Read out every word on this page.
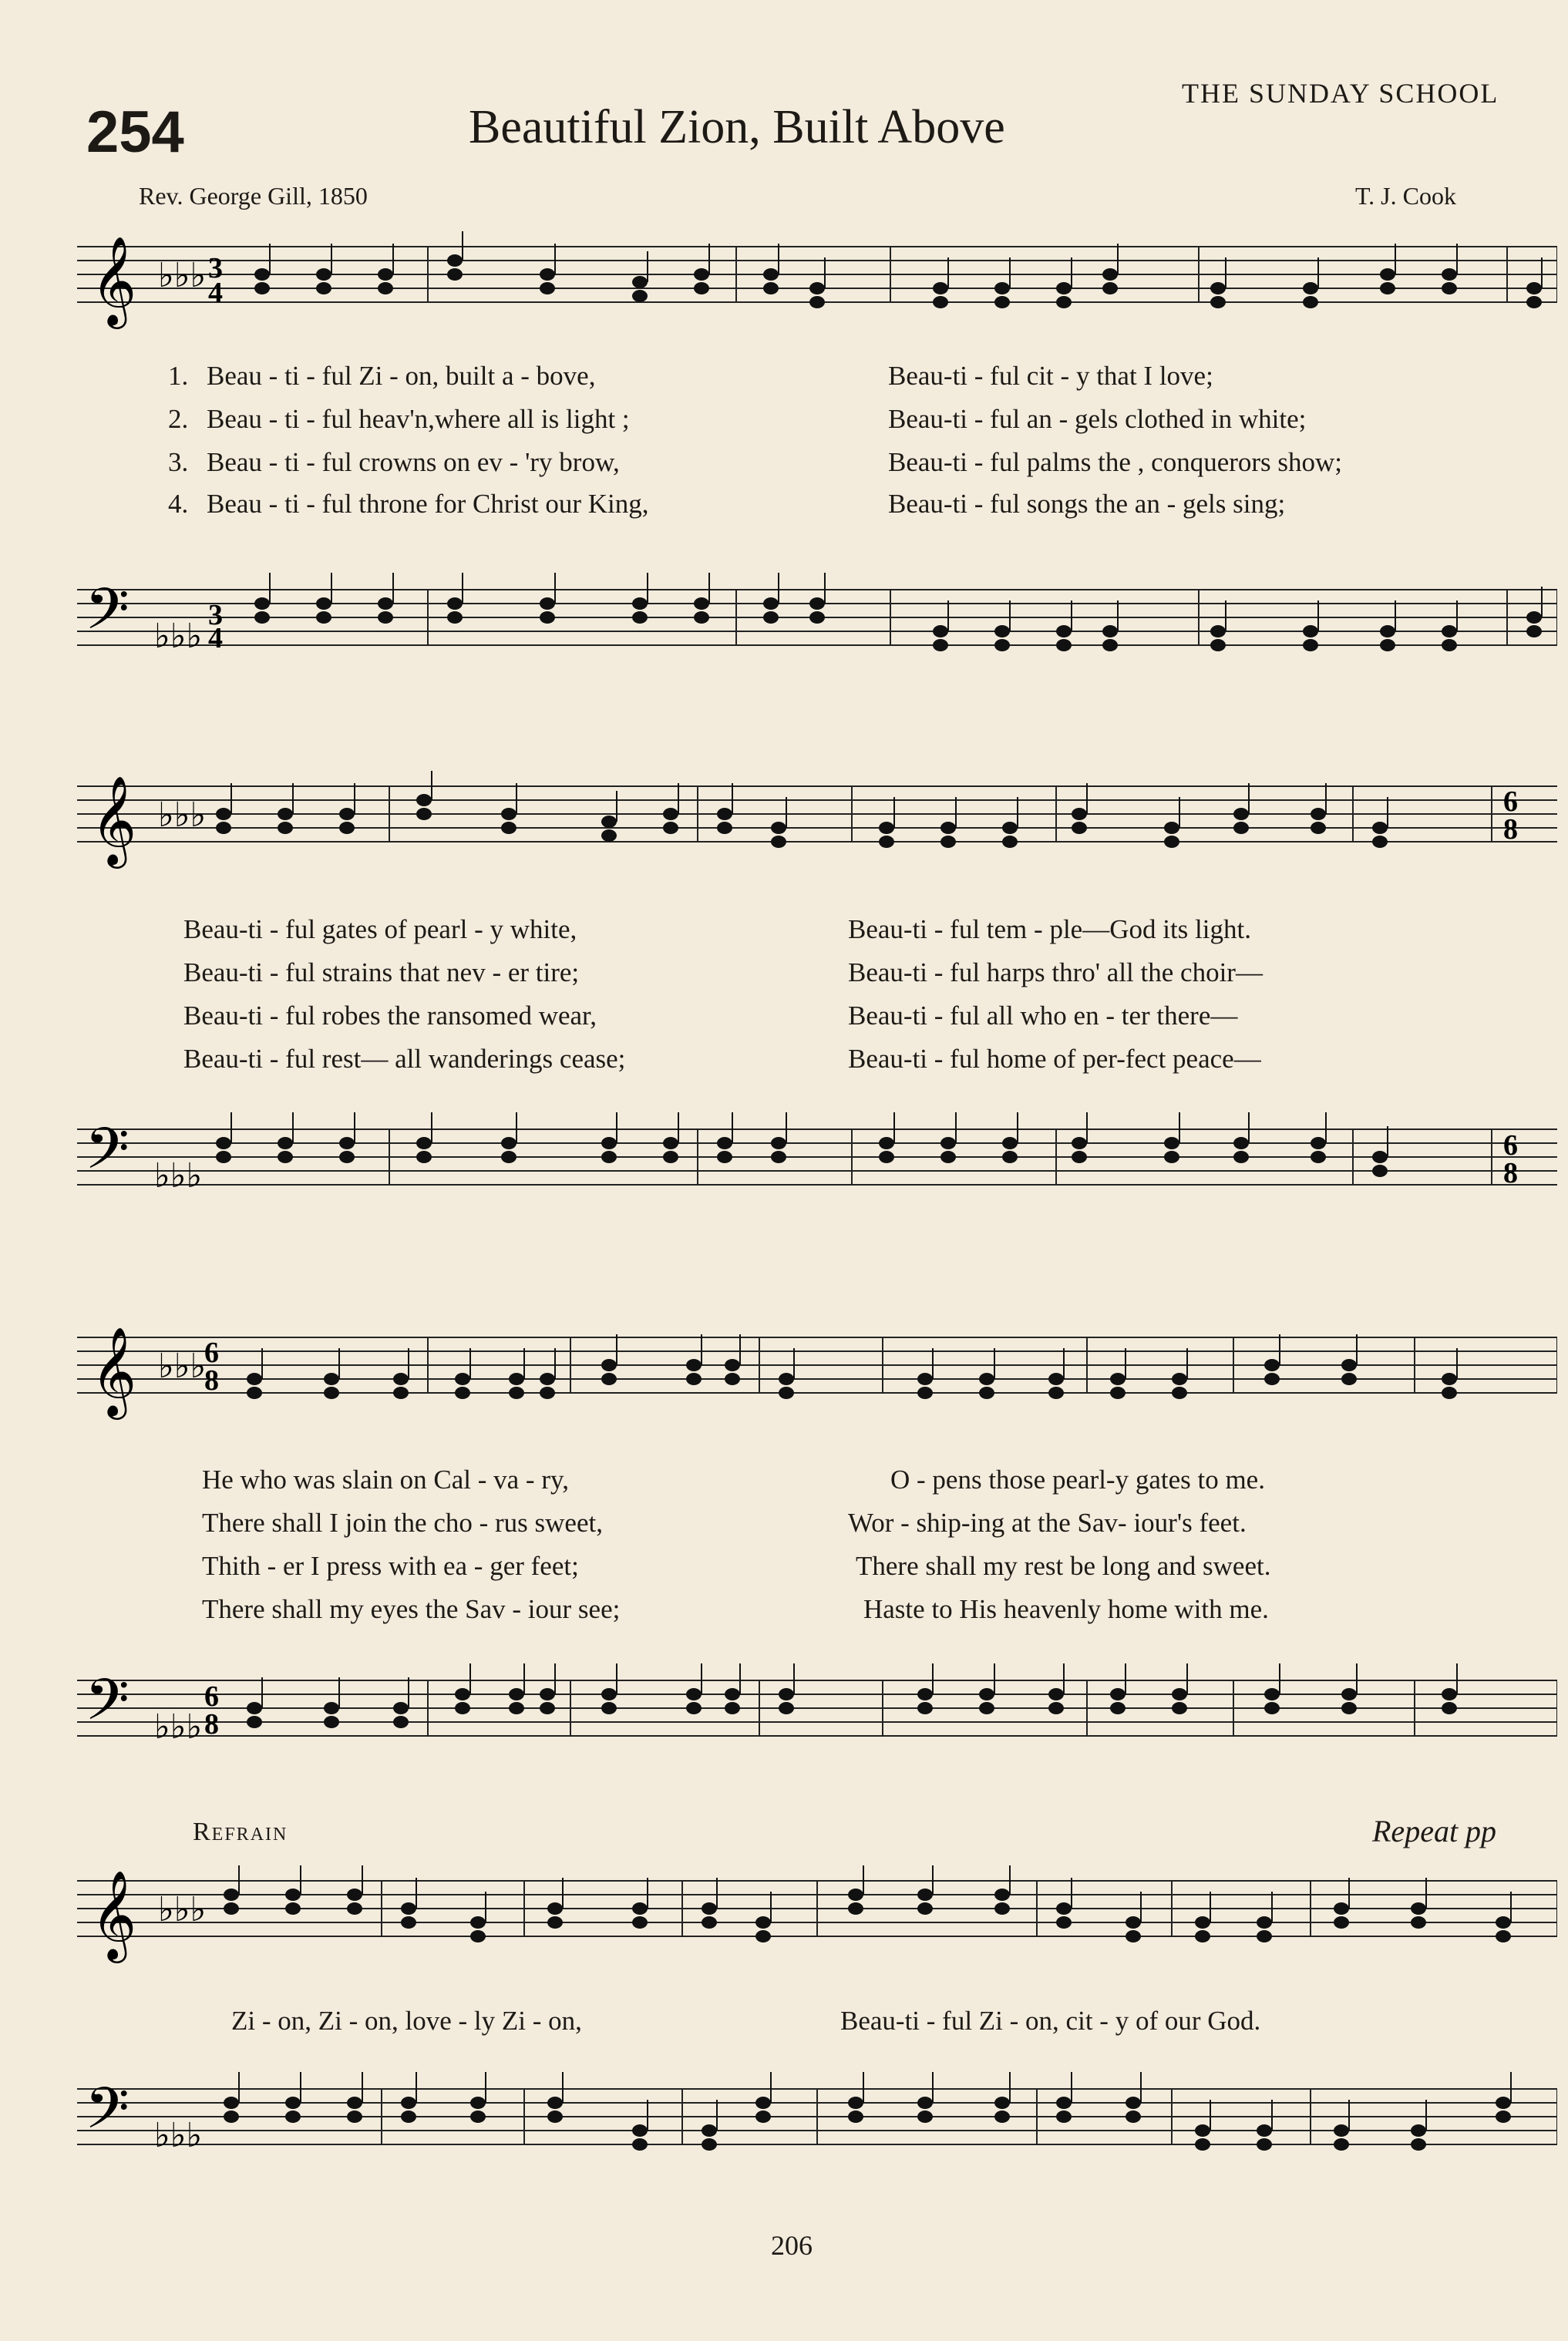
254	Beautiful Zion, Built Above
THE SUNDAY SCHOOL
Rev. George Gill, 1850	T. J. Cook
𝄞 ♭♭♭ 3
4
1. Beau - ti - ful Zi - on, built a - bove,	Beau-ti - ful cit - y that I love;
2. Beau - ti - ful heav'n,where all is light ;	Beau-ti - ful an - gels clothed in white;
3. Beau - ti - ful crowns on ev - 'ry brow,	Beau-ti - ful palms the , conquerors show;
4. Beau - ti - ful throne for Christ our King,	Beau-ti - ful songs the an - gels sing;
𝄢 ♭♭♭
3
4
𝄞 ♭♭♭	6
8
Beau-ti - ful gates of pearl - y white,	Beau-ti - ful tem - ple—God its light.
Beau-ti - ful strains that nev - er tire;	Beau-ti - ful harps thro' all the choir—
Beau-ti - ful robes the ransomed wear,	Beau-ti - ful all who en - ter there—
Beau-ti - ful rest— all wanderings cease;	Beau-ti - ful home of per-fect peace—
𝄢 ♭♭♭
6
8
𝄞 ♭♭♭
6
8
He who was slain on Cal - va - ry,	O - pens those pearl-y gates to me.
There shall I join the cho - rus sweet,	Wor - ship-ing at the Sav- iour's feet.
Thith - er I press with ea - ger feet;	There shall my rest be long and sweet.
There shall my eyes the Sav - iour see;	Haste to His heavenly home with me.
𝄢 ♭♭♭
6
8
Refrain	Repeat pp
𝄞 ♭♭♭
Zi - on, Zi - on, love - ly Zi - on,	Beau-ti - ful Zi - on, cit - y of our God.
𝄢 ♭♭♭
206
